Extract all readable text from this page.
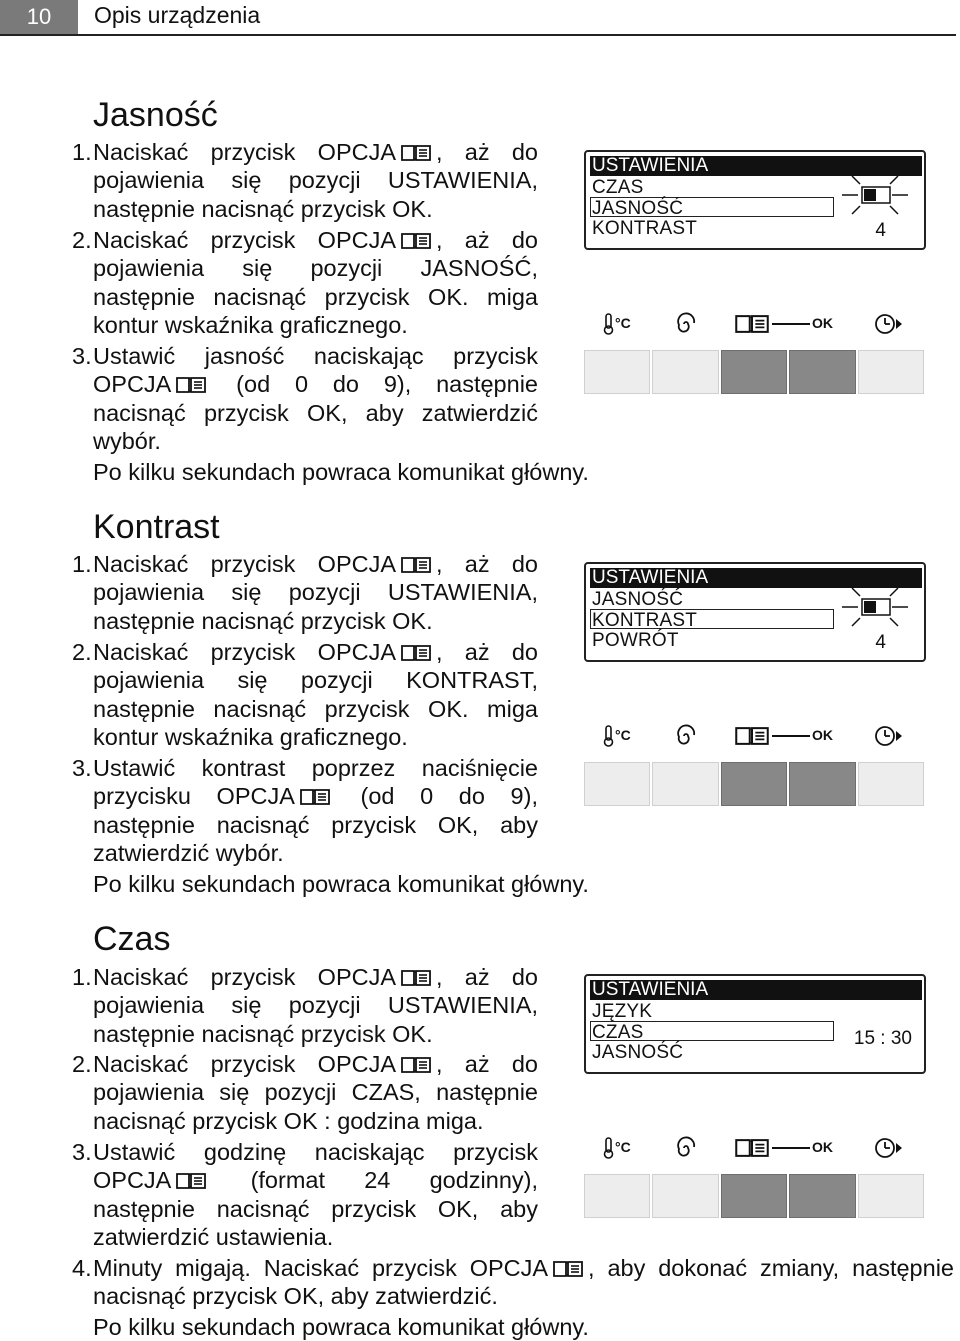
10	Opis urządzenia
Jasność
1. Naciskać przycisk OPCJA , aż do pojawienia się pozycji USTAWIENIA, następnie nacisnąć przycisk OK.
2. Naciskać przycisk OPCJA , aż do pojawienia się pozycji JASNOŚĆ, następnie nacisnąć przycisk OK. miga kontur wskaźnika graficznego.
3. Ustawić jasność naciskając przycisk OPCJA
(od 0 do 9), następnie nacisnąć przycisk OK, aby zatwierdzić wybór.
Po kilku sekundach powraca komunikat główny.
USTAWIENIA
CZAS
JASNOŚĆ
KONTRAST	4
°C	OK
Kontrast
1. Naciskać przycisk OPCJA , aż do pojawienia się pozycji USTAWIENIA, następnie nacisnąć przycisk OK.
2. Naciskać przycisk OPCJA , aż do pojawienia się pozycji KONTRAST, następnie nacisnąć przycisk OK. miga kontur wskaźnika graficznego.
3. Ustawić kontrast poprzez naciśnięcie przycisku OPCJA
(od 0 do 9), następnie nacisnąć przycisk OK, aby zatwierdzić wybór.
Po kilku sekundach powraca komunikat główny.
USTAWIENIA
JASNOŚĆ
KONTRAST
POWRÓT	4
°C	OK
Czas
1. Naciskać przycisk OPCJA , aż do pojawienia się pozycji USTAWIENIA, następnie nacisnąć przycisk OK.
2. Naciskać przycisk OPCJA , aż do pojawienia się pozycji CZAS, następnie nacisnąć przycisk OK : godzina miga.
3. Ustawić godzinę naciskając przycisk OPCJA
(format 24 godzinny), następnie nacisnąć przycisk OK, aby zatwierdzić ustawienia.
4. Minuty migają. Naciskać przycisk OPCJA , aby dokonać zmiany, następnie nacisnąć przycisk OK, aby zatwierdzić.
Po kilku sekundach powraca komunikat główny.
USTAWIENIA
JĘZYK
CZAS
JASNOŚĆ
15 : 30
°C	OK
